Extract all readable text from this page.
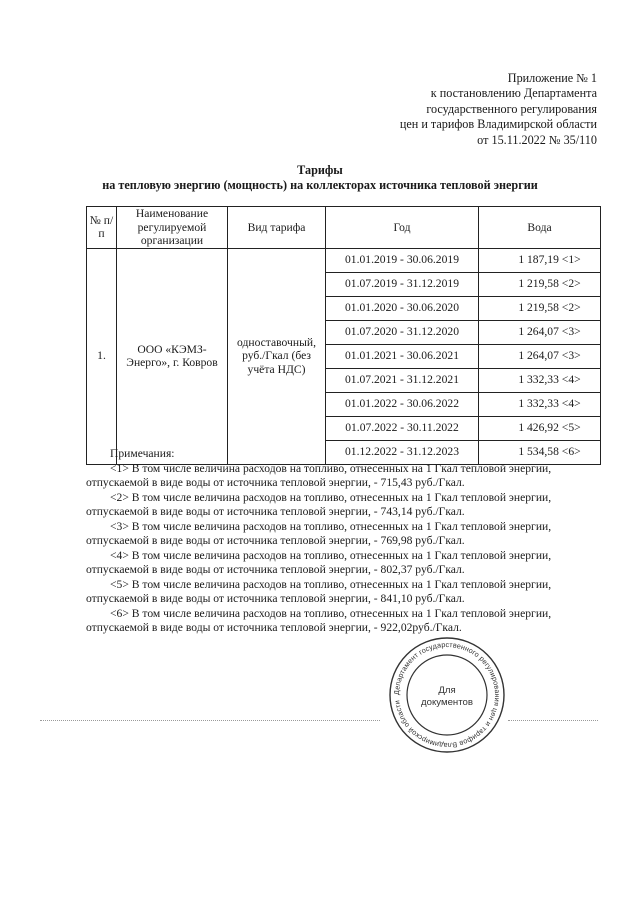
Приложение № 1
к постановлению Департамента
государственного регулирования
цен и тарифов Владимирской области
от 15.11.2022 № 35/110
Тарифы
на тепловую энергию (мощность) на коллекторах источника тепловой энергии
№ п/п	Наименование регулируемой организации	Вид тарифа	Год	Вода
1.	ООО «КЭМЗ-Энерго», г. Ковров	одноставочный, руб./Гкал (без учёта НДС)	01.01.2019 - 30.06.2019	1 187,19 <1>
			01.07.2019 - 31.12.2019	1 219,58 <2>
			01.01.2020 - 30.06.2020	1 219,58 <2>
			01.07.2020 - 31.12.2020	1 264,07 <3>
			01.01.2021 - 30.06.2021	1 264,07 <3>
			01.07.2021 - 31.12.2021	1 332,33 <4>
			01.01.2022 - 30.06.2022	1 332,33 <4>
			01.07.2022 - 30.11.2022	1 426,92 <5>
			01.12.2022 - 31.12.2023	1 534,58 <6>
Примечания:
<1> В том числе величина расходов на топливо, отнесенных на 1 Гкал тепловой энергии,
отпускаемой в виде воды от источника тепловой энергии, - 715,43 руб./Гкал.
<2> В том числе величина расходов на топливо, отнесенных на 1 Гкал тепловой энергии,
отпускаемой в виде воды от источника тепловой энергии, - 743,14 руб./Гкал.
<3> В том числе величина расходов на топливо, отнесенных на 1 Гкал тепловой энергии,
отпускаемой в виде воды от источника тепловой энергии, - 769,98 руб./Гкал.
<4> В том числе величина расходов на топливо, отнесенных на 1 Гкал тепловой энергии,
отпускаемой в виде воды от источника тепловой энергии, - 802,37 руб./Гкал.
<5> В том числе величина расходов на топливо, отнесенных на 1 Гкал тепловой энергии,
отпускаемой в виде воды от источника тепловой энергии, - 841,10 руб./Гкал.
<6> В том числе величина расходов на топливо, отнесенных на 1 Гкал тепловой энергии,
отпускаемой в виде воды от источника тепловой энергии, - 922,02руб./Гкал.
Департамент государственного регулирования цен и тарифов Владимирской области
Для
документов
